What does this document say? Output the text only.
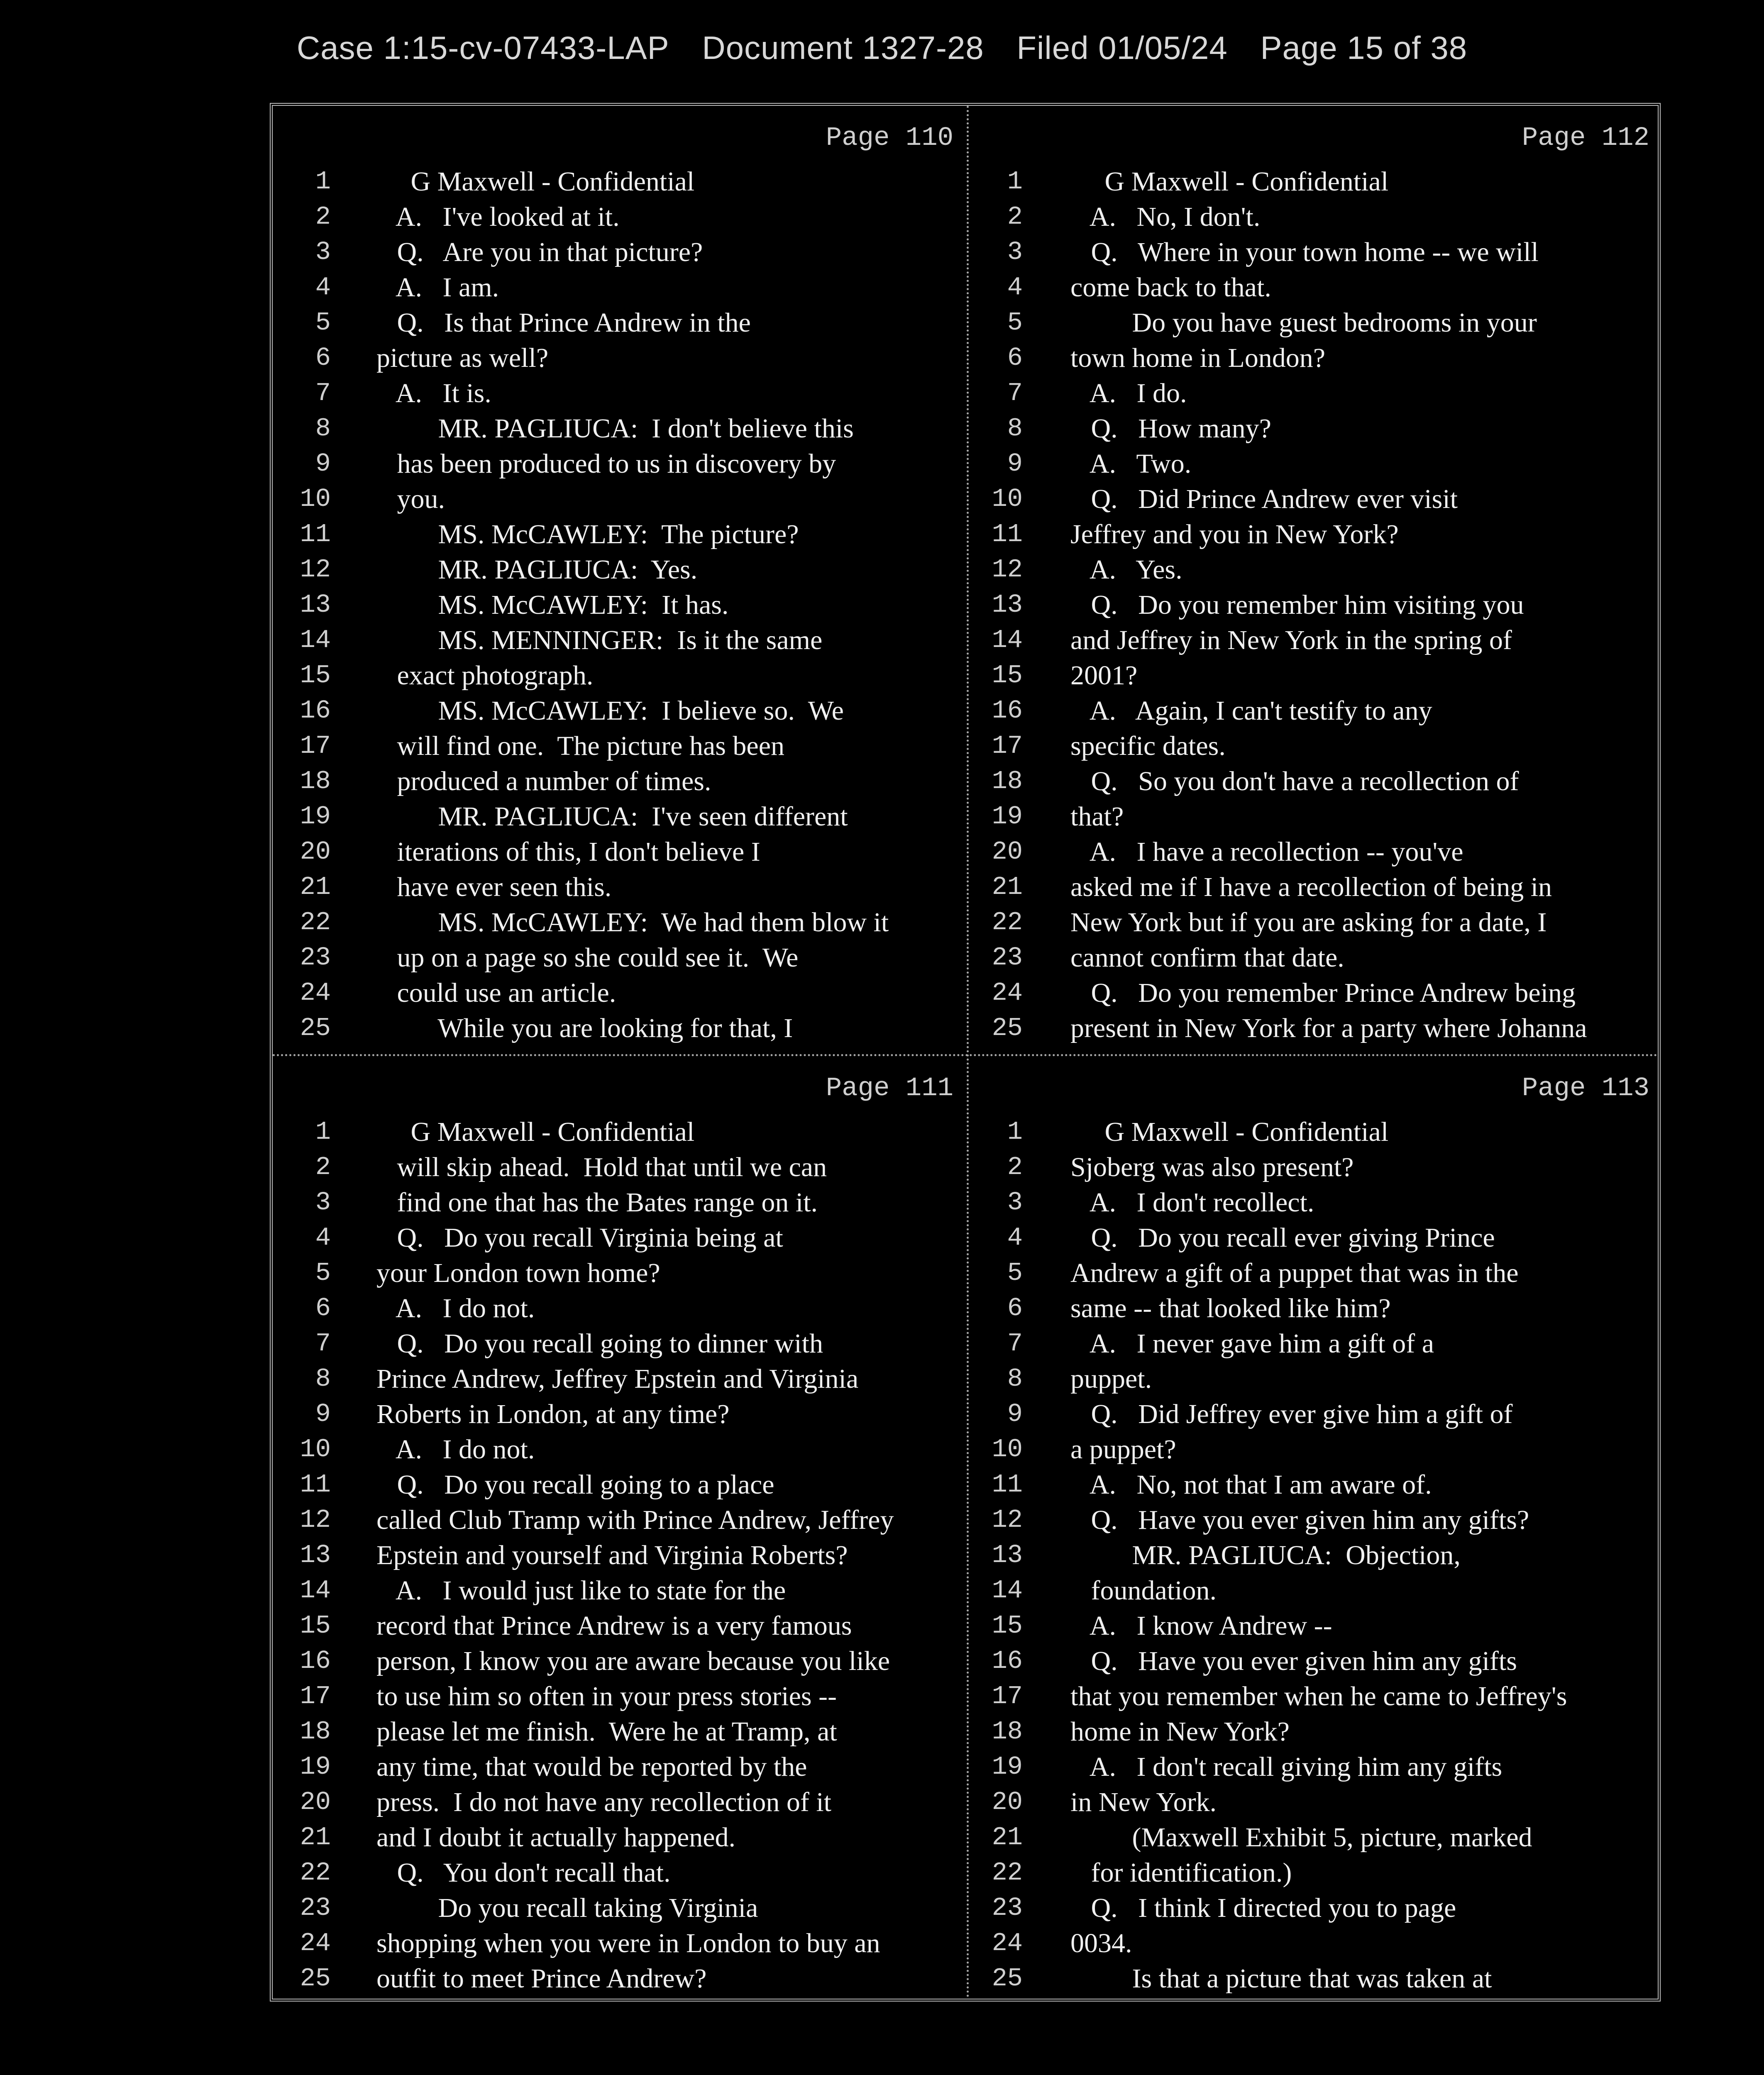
Case 1:15-cv-07433-LAP Document 1327-28 Filed 01/05/24 Page 15 of 38
Page 110
1 G Maxwell - Confidential
2 A.   I've looked at it.
3 Q.   Are you in that picture?
4 A.   I am.
5 Q.   Is that Prince Andrew in the
6 picture as well?
7 A.   It is.
8 MR. PAGLIUCA:  I don't believe this
9 has been produced to us in discovery by
10 you.
11 MS. McCAWLEY:  The picture?
12 MR. PAGLIUCA:  Yes.
13 MS. McCAWLEY:  It has.
14 MS. MENNINGER:  Is it the same
15 exact photograph.
16 MS. McCAWLEY:  I believe so.  We
17 will find one.  The picture has been
18 produced a number of times.
19 MR. PAGLIUCA:  I've seen different
20 iterations of this, I don't believe I
21 have ever seen this.
22 MS. McCAWLEY:  We had them blow it
23 up on a page so she could see it.  We
24 could use an article.
25 While you are looking for that, I
Page 112
1 G Maxwell - Confidential
2 A.   No, I don't.
3 Q.   Where in your town home -- we will
4 come back to that.
5 Do you have guest bedrooms in your
6 town home in London?
7 A.   I do.
8 Q.   How many?
9 A.   Two.
10 Q.   Did Prince Andrew ever visit
11 Jeffrey and you in New York?
12 A.   Yes.
13 Q.   Do you remember him visiting you
14 and Jeffrey in New York in the spring of
15 2001?
16 A.   Again, I can't testify to any
17 specific dates.
18 Q.   So you don't have a recollection of
19 that?
20 A.   I have a recollection -- you've
21 asked me if I have a recollection of being in
22 New York but if you are asking for a date, I
23 cannot confirm that date.
24 Q.   Do you remember Prince Andrew being
25 present in New York for a party where Johanna
Page 111
1 G Maxwell - Confidential
2 will skip ahead.  Hold that until we can
3 find one that has the Bates range on it.
4 Q.   Do you recall Virginia being at
5 your London town home?
6 A.   I do not.
7 Q.   Do you recall going to dinner with
8 Prince Andrew, Jeffrey Epstein and Virginia
9 Roberts in London, at any time?
10 A.   I do not.
11 Q.   Do you recall going to a place
12 called Club Tramp with Prince Andrew, Jeffrey
13 Epstein and yourself and Virginia Roberts?
14 A.   I would just like to state for the
15 record that Prince Andrew is a very famous
16 person, I know you are aware because you like
17 to use him so often in your press stories --
18 please let me finish.  Were he at Tramp, at
19 any time, that would be reported by the
20 press.  I do not have any recollection of it
21 and I doubt it actually happened.
22 Q.   You don't recall that.
23 Do you recall taking Virginia
24 shopping when you were in London to buy an
25 outfit to meet Prince Andrew?
Page 113
1 G Maxwell - Confidential
2 Sjoberg was also present?
3 A.   I don't recollect.
4 Q.   Do you recall ever giving Prince
5 Andrew a gift of a puppet that was in the
6 same -- that looked like him?
7 A.   I never gave him a gift of a
8 puppet.
9 Q.   Did Jeffrey ever give him a gift of
10 a puppet?
11 A.   No, not that I am aware of.
12 Q.   Have you ever given him any gifts?
13 MR. PAGLIUCA:  Objection,
14 foundation.
15 A.   I know Andrew --
16 Q.   Have you ever given him any gifts
17 that you remember when he came to Jeffrey's
18 home in New York?
19 A.   I don't recall giving him any gifts
20 in New York.
21 (Maxwell Exhibit 5, picture, marked
22 for identification.)
23 Q.   I think I directed you to page
24 0034.
25 Is that a picture that was taken at
